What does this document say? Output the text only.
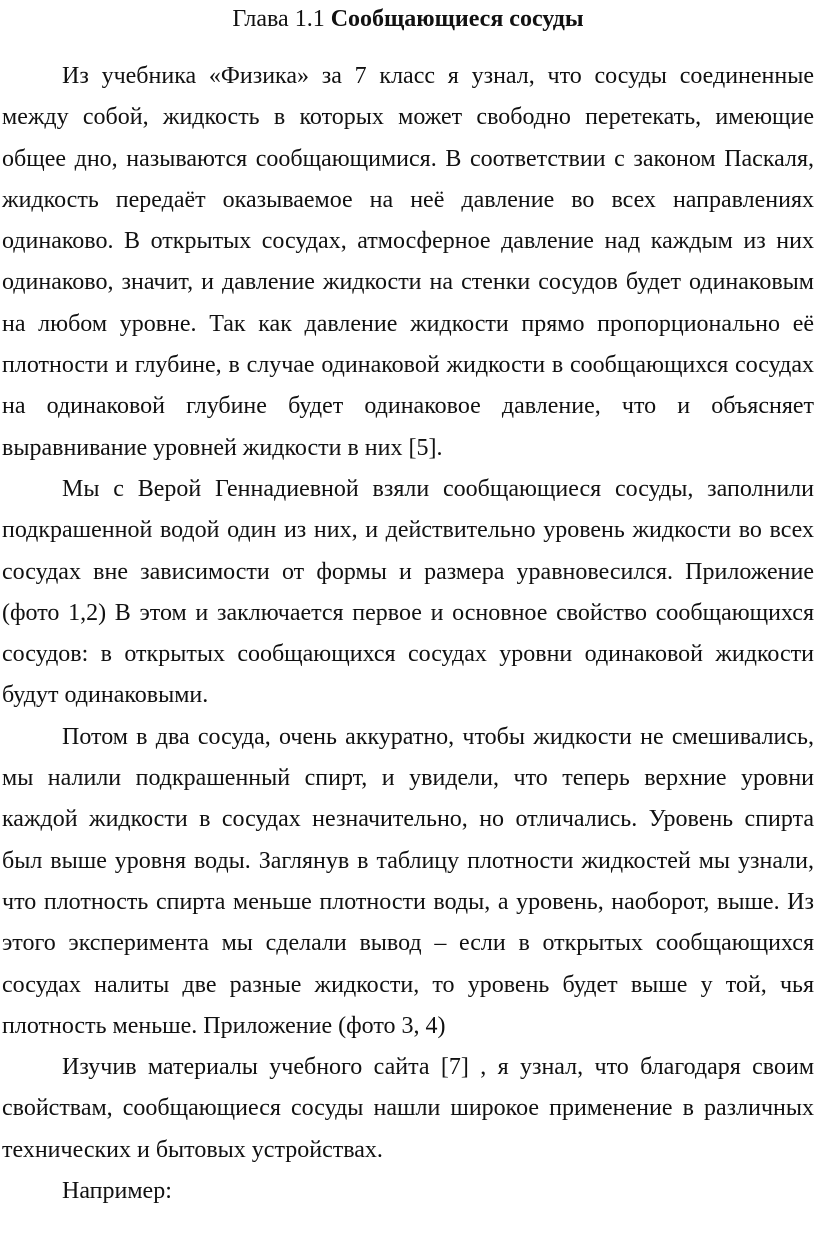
Глава 1.1 Сообщающиеся сосуды

Из учебника «Физика» за 7 класс я узнал, что сосуды соединенные между собой, жидкость в которых может свободно перетекать, имеющие общее дно, называются сообщающимися. В соответствии с законом Паскаля, жидкость передаёт оказываемое на неё давление во всех направлениях одинаково. В открытых сосудах, атмосферное давление над каждым из них одинаково, значит, и давление жидкости на стенки сосудов будет одинаковым на любом уровне. Так как давление жидкости прямо пропорционально её плотности и глубине, в случае одинаковой жидкости в сообщающихся сосудах на одинаковой глубине будет одинаковое давление, что и объясняет выравнивание уровней жидкости в них [5].

Мы с Верой Геннадиевной взяли сообщающиеся сосуды, заполнили подкрашенной водой один из них, и действительно уровень жидкости во всех сосудах вне зависимости от формы и размера уравновесился. Приложение (фото 1,2) В этом и заключается первое и основное свойство сообщающихся сосудов: в открытых сообщающихся сосудах уровни одинаковой жидкости будут одинаковыми.

Потом в два сосуда, очень аккуратно, чтобы жидкости не смешивались, мы налили подкрашенный спирт, и увидели, что теперь верхние уровни каждой жидкости в сосудах незначительно, но отличались. Уровень спирта был выше уровня воды. Заглянув в таблицу плотности жидкостей мы узнали, что плотность спирта меньше плотности воды, а уровень, наоборот, выше. Из этого эксперимента мы сделали вывод – если в открытых сообщающихся сосудах налиты две разные жидкости, то уровень будет выше у той, чья плотность меньше. Приложение (фото 3, 4)

Изучив материалы учебного сайта [7] , я узнал, что благодаря своим свойствам, сообщающиеся сосуды нашли широкое применение в различных технических и бытовых устройствах.

Например:
